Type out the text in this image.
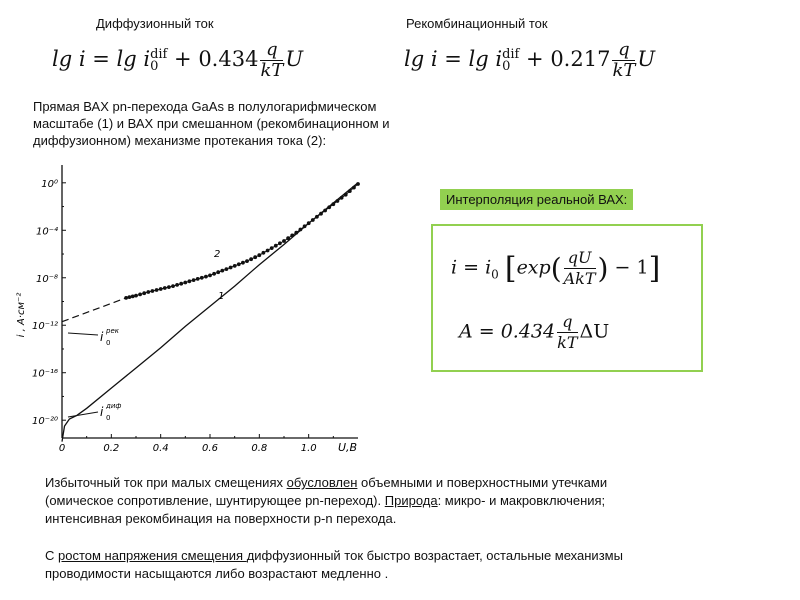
Диффузионный ток	Рекомбинационный ток
lg i = lg i dif
$0 + 0.434 \frac{q}{kT}$ U	lg i = lg i dif
$0 + 0.217 \frac{q}{kT}$ U
Прямая ВАХ pn-перехода GaAs в полулогарифмическом
масштабе (1) и ВАХ при смешанном (рекомбинационном и
диффузионном) механизме протекания тока (2):
0	0.2	0.4	0.6	0.8	1.0
10⁰
10⁻⁴
10⁻⁸
10⁻¹²
10⁻¹⁶
10⁻²⁰
i , А·см⁻²
U,В
2
1
i рек
0
i диф
0
Интерполяция реальной ВАХ:
$i = i_0$ [$\exp( \frac{qU}{\text{AkT}}$ ) − 1]
$A = 0.434 \frac{q}{kT}$ ΔU
Избыточный ток при малых смещениях обусловлен объемными и поверхностными утечками
(омическое сопротивление, шунтирующее pn-переход). Природа: микро- и макровключения;
интенсивная рекомбинация на поверхности p-n перехода.
С ростом напряжения смещения диффузионный ток быстро возрастает, остальные механизмы
проводимости насыщаются либо возрастают медленно .
